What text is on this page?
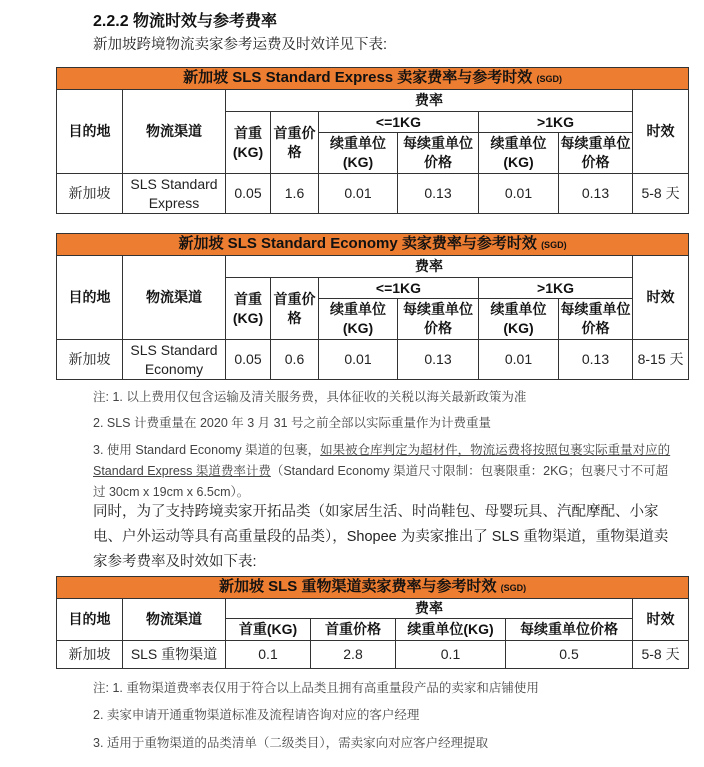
2.2.2 物流时效与参考费率
新加坡跨境物流卖家参考运费及时效详见下表:
新加坡 SLS Standard Express 卖家费率与参考时效 (SGD)								
目的地	物流渠道	费率						时效
		首重(KG)	首重价格	<=1KG		>1KG		
				续重单位(KG)	每续重单位价格	续重单位(KG)	每续重单位价格	
新加坡	SLS Standard Express	0.05	1.6	0.01	0.13	0.01	0.13	5-8 天
新加坡 SLS Standard Economy 卖家费率与参考时效 (SGD)								
目的地	物流渠道	费率						时效
		首重(KG)	首重价格	<=1KG		>1KG		
				续重单位(KG)	每续重单位价格	续重单位(KG)	每续重单位价格	
新加坡	SLS Standard Economy	0.05	0.6	0.01	0.13	0.01	0.13	8-15 天
注: 1. 以上费用仅包含运输及清关服务费，具体征收的关税以海关最新政策为准
2. SLS 计费重量在 2020 年 3 月 31 号之前全部以实际重量作为计费重量
3. 使用 Standard Economy 渠道的包裹，如果被仓库判定为超材件，物流运费将按照包裹实际重量对应的 Standard Express 渠道费率计费（Standard Economy 渠道尺寸限制：包裹限重：2KG；包裹尺寸不可超过 30cm x 19cm x 6.5cm）。
同时，为了支持跨境卖家开拓品类（如家居生活、时尚鞋包、母婴玩具、汽配摩配、小家电、户外运动等具有高重量段的品类），Shopee 为卖家推出了 SLS 重物渠道，重物渠道卖家参考费率及时效如下表:
新加坡 SLS 重物渠道卖家费率与参考时效 (SGD)						
目的地	物流渠道	费率				时效
		首重(KG)	首重价格	续重单位(KG)	每续重单位价格	
新加坡	SLS 重物渠道	0.1	2.8	0.1	0.5	5-8 天
注: 1. 重物渠道费率表仅用于符合以上品类且拥有高重量段产品的卖家和店铺使用
2. 卖家申请开通重物渠道标准及流程请咨询对应的客户经理
3. 适用于重物渠道的品类清单（二级类目），需卖家向对应客户经理提取
